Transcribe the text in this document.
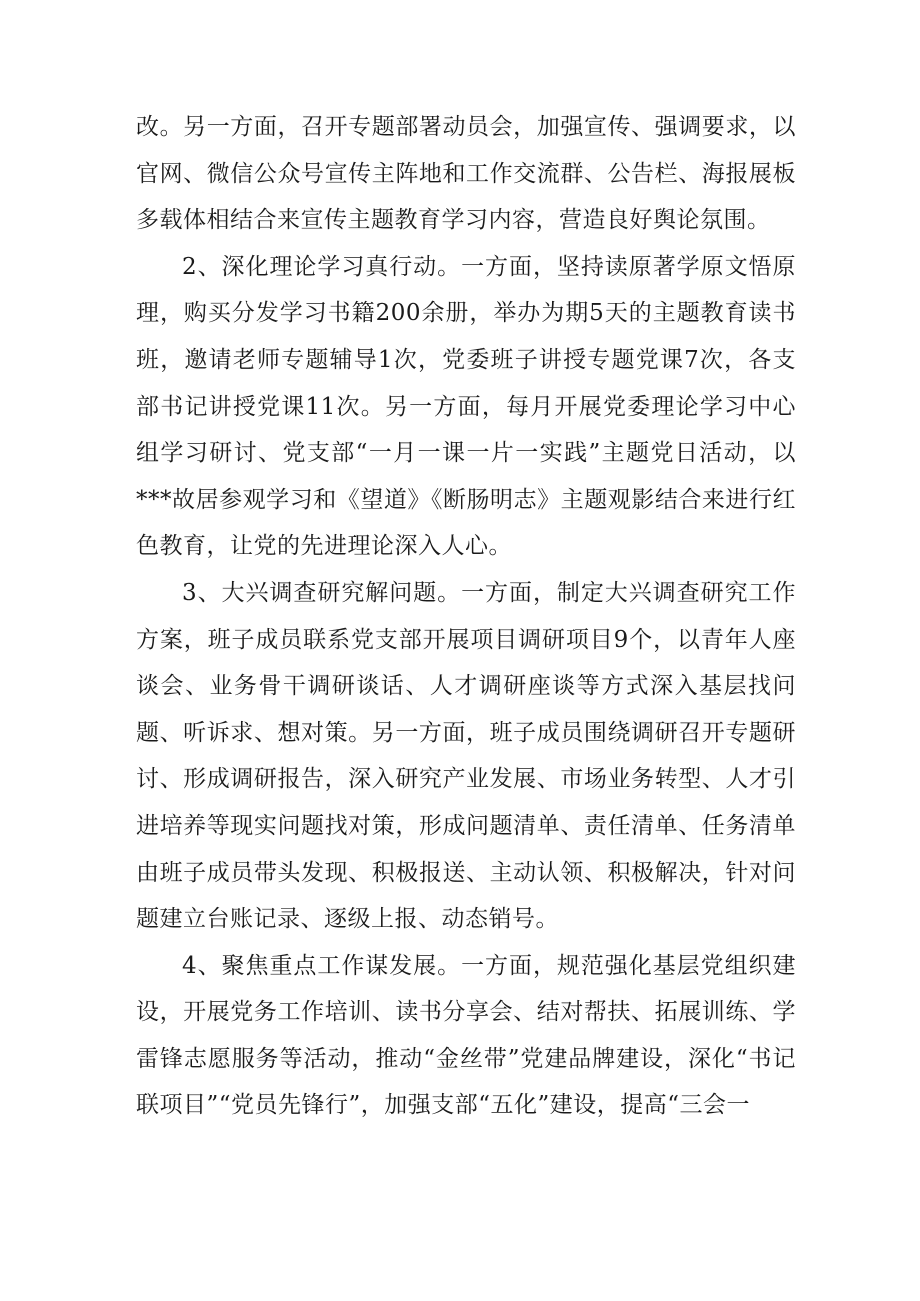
改。另一方面，召开专题部署动员会，加强宣传、强调要求，以官网、微信公众号宣传主阵地和工作交流群、公告栏、海报展板多载体相结合来宣传主题教育学习内容，营造良好舆论氛围。

2、深化理论学习真行动。一方面，坚持读原著学原文悟原理，购买分发学习书籍200余册，举办为期5天的主题教育读书班，邀请老师专题辅导1次，党委班子讲授专题党课7次，各支部书记讲授党课11次。另一方面，每月开展党委理论学习中心组学习研讨、党支部“一月一课一片一实践”主题党日活动，以***故居参观学习和《望道》《断肠明志》主题观影结合来进行红色教育，让党的先进理论深入人心。

3、大兴调查研究解问题。一方面，制定大兴调查研究工作方案，班子成员联系党支部开展项目调研项目9个，以青年人座谈会、业务骨干调研谈话、人才调研座谈等方式深入基层找问题、听诉求、想对策。另一方面，班子成员围绕调研召开专题研讨、形成调研报告，深入研究产业发展、市场业务转型、人才引进培养等现实问题找对策，形成问题清单、责任清单、任务清单由班子成员带头发现、积极报送、主动认领、积极解决，针对问题建立台账记录、逐级上报、动态销号。

4、聚焦重点工作谋发展。一方面，规范强化基层党组织建设，开展党务工作培训、读书分享会、结对帮扶、拓展训练、学雷锋志愿服务等活动，推动“金丝带”党建品牌建设，深化“书记联项目”“党员先锋行”，加强支部“五化”建设，提高“三会一
